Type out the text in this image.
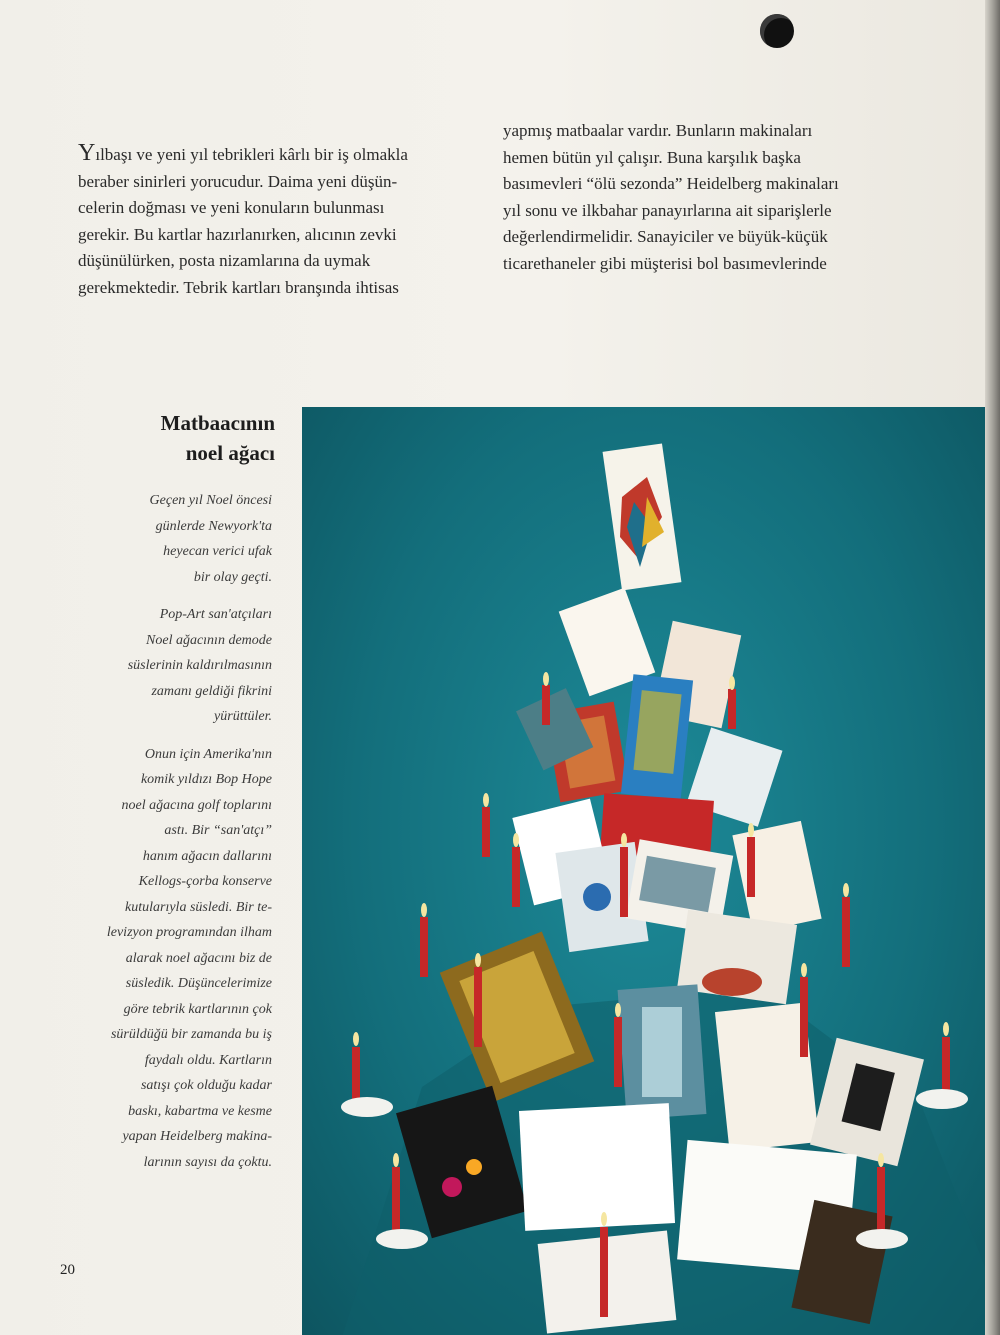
Yılbaşı ve yeni yıl tebrikleri kârlı bir iş olmakla

beraber sinirleri yorucudur. Daima yeni düşün-

celerin doğması ve yeni konuların bulunması

gerekir. Bu kartlar hazırlanırken, alıcının zevki

düşünülürken, posta nizamlarına da uymak

gerekmektedir. Tebrik kartları branşında ihtisas

yapmış matbaalar vardır. Bunların makinaları

hemen bütün yıl çalışır. Buna karşılık başka

basımevleri “ölü sezonda” Heidelberg makinaları

yıl sonu ve ilkbahar panayırlarına ait siparişlerle

değerlendirmelidir. Sanayiciler ve büyük-küçük

ticarethaneler gibi müşterisi bol basımevlerinde

Matbaacının
noel ağacı

Geçen yıl Noel öncesi
günlerde Newyork'ta
heyecan verici ufak
bir olay geçti.

Pop-Art san'atçıları
Noel ağacının demode
süslerinin kaldırılmasının
zamanı geldiği fikrini
yürüttüler.

Onun için Amerika'nın
komik yıldızı Bop Hope
noel ağacına golf toplarını
astı. Bir “san'atçı”
hanım ağacın dallarını
Kellogs-çorba konserve
kutularıyla süsledi. Bir te-
levizyon programından ilham
alarak noel ağacını biz de
süsledik. Düşüncelerimize
göre tebrik kartlarının çok
sürüldüğü bir zamanda bu iş
faydalı oldu. Kartların
satışı çok olduğu kadar
baskı, kabartma ve kesme
yapan Heidelberg makina-
larının sayısı da çoktu.

20
